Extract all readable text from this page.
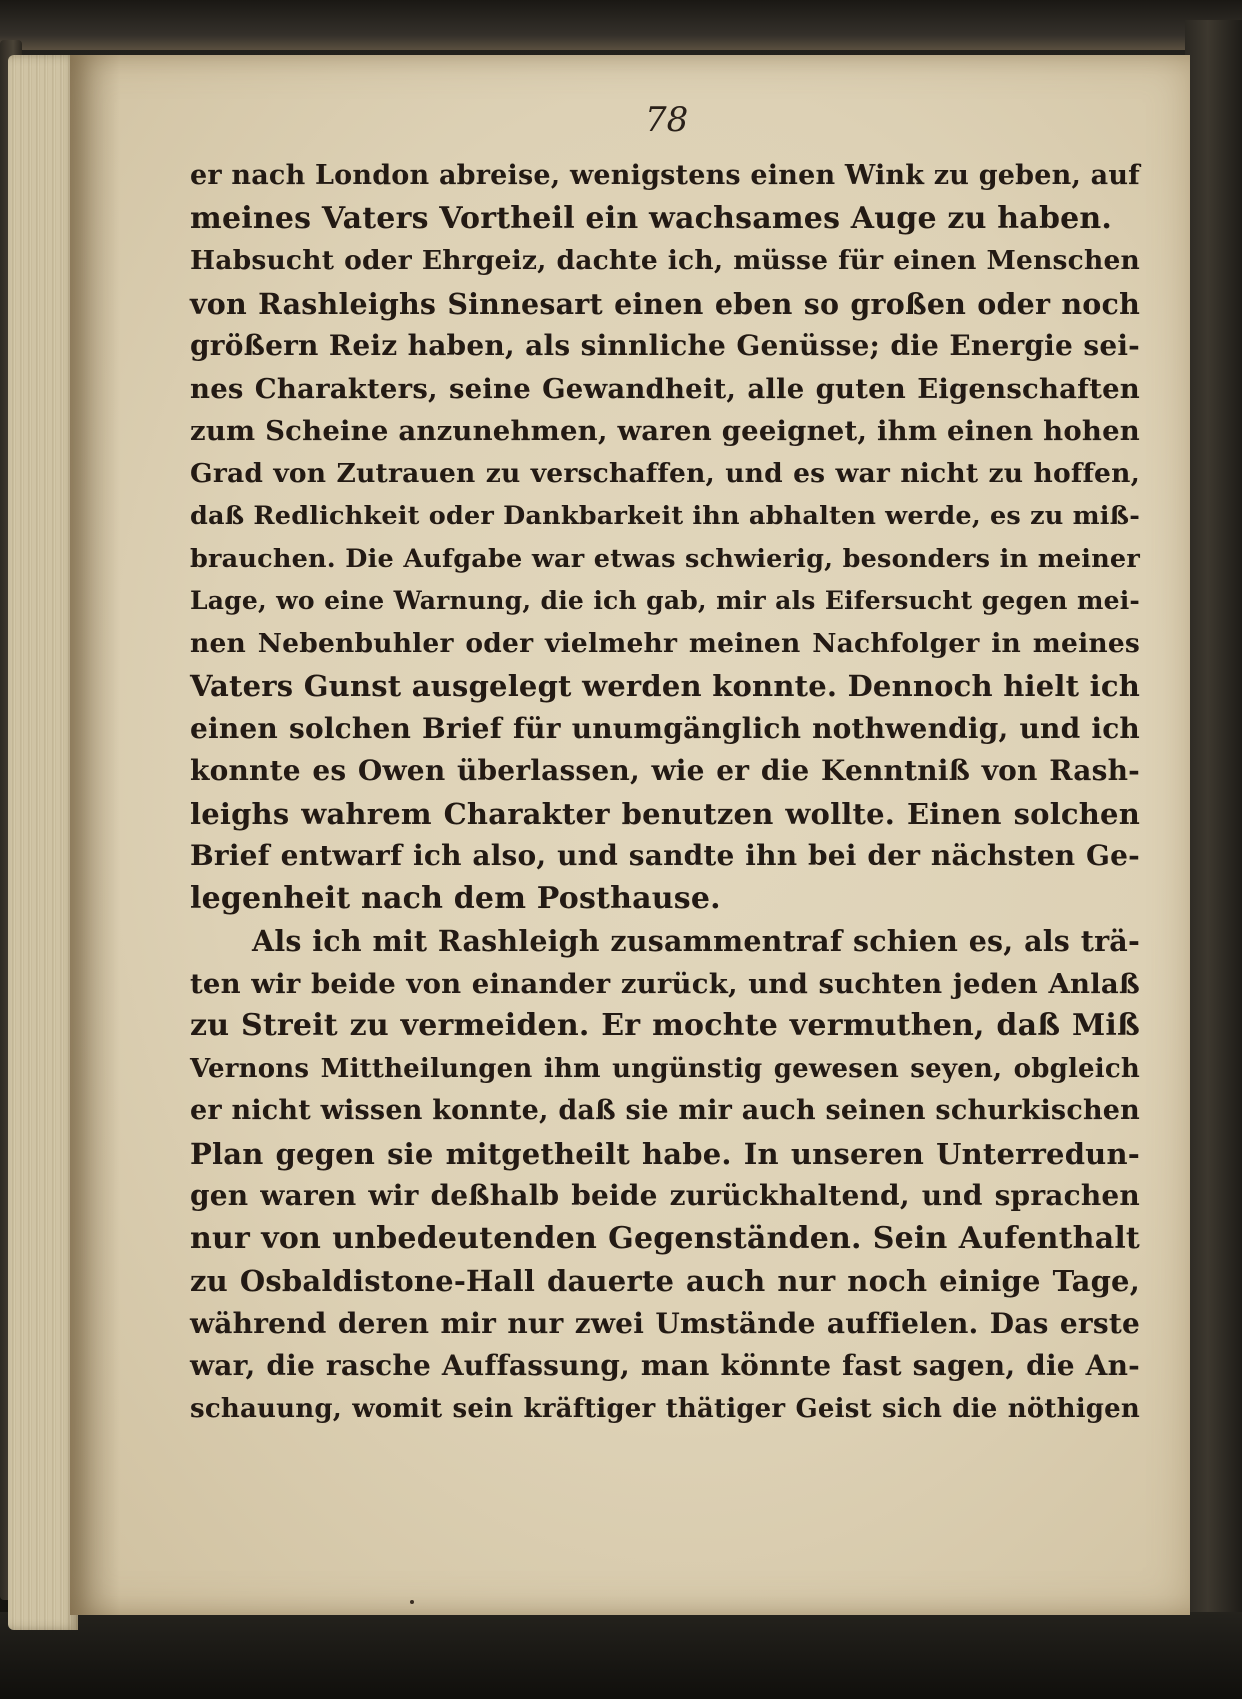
78
er nach London abreise, wenigstens einen Wink zu geben, auf
meines Vaters Vortheil ein wachsames Auge zu haben.
Habsucht oder Ehrgeiz, dachte ich, müsse für einen Menschen
von Rashleighs Sinnesart einen eben so großen oder noch
größern Reiz haben, als sinnliche Genüsse; die Energie sei-
nes Charakters, seine Gewandheit, alle guten Eigenschaften
zum Scheine anzunehmen, waren geeignet, ihm einen hohen
Grad von Zutrauen zu verschaffen, und es war nicht zu hoffen,
daß Redlichkeit oder Dankbarkeit ihn abhalten werde, es zu miß-
brauchen. Die Aufgabe war etwas schwierig, besonders in meiner
Lage, wo eine Warnung, die ich gab, mir als Eifersucht gegen mei-
nen Nebenbuhler oder vielmehr meinen Nachfolger in meines
Vaters Gunst ausgelegt werden konnte. Dennoch hielt ich
einen solchen Brief für unumgänglich nothwendig, und ich
konnte es Owen überlassen, wie er die Kenntniß von Rash-
leighs wahrem Charakter benutzen wollte. Einen solchen
Brief entwarf ich also, und sandte ihn bei der nächsten Ge-
legenheit nach dem Posthause.
Als ich mit Rashleigh zusammentraf schien es, als trä-
ten wir beide von einander zurück, und suchten jeden Anlaß
zu Streit zu vermeiden. Er mochte vermuthen, daß Miß
Vernons Mittheilungen ihm ungünstig gewesen seyen, obgleich
er nicht wissen konnte, daß sie mir auch seinen schurkischen
Plan gegen sie mitgetheilt habe. In unseren Unterredun-
gen waren wir deßhalb beide zurückhaltend, und sprachen
nur von unbedeutenden Gegenständen. Sein Aufenthalt
zu Osbaldistone-Hall dauerte auch nur noch einige Tage,
während deren mir nur zwei Umstände auffielen. Das erste
war, die rasche Auffassung, man könnte fast sagen, die An-
schauung, womit sein kräftiger thätiger Geist sich die nöthigen
